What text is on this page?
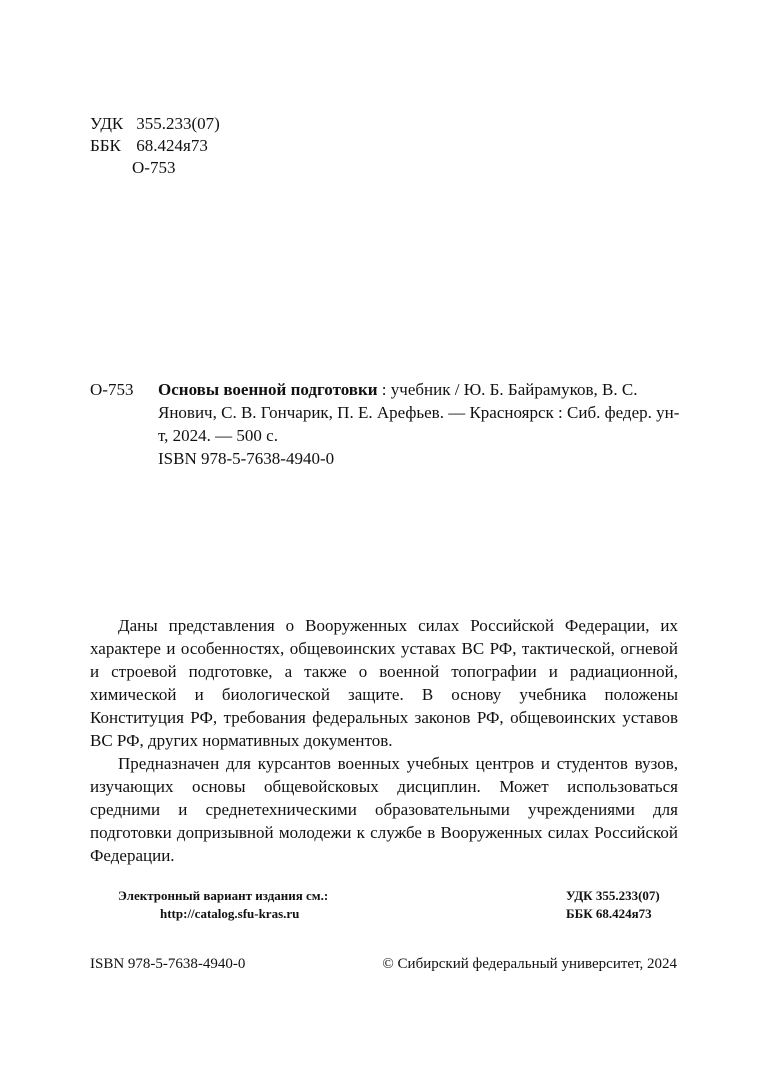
УДК 355.233(07)
ББК 68.424я73
О-753
О-753 Основы военной подготовки : учебник / Ю. Б. Байрамуков, В. С. Янович, С. В. Гончарик, П. Е. Арефьев. — Красноярск : Сиб. федер. ун-т, 2024. — 500 с.
ISBN 978-5-7638-4940-0

Даны представления о Вооруженных силах Российской Федерации, их характере и особенностях, общевоинских уставах ВС РФ, тактической, огневой и строевой подготовке, а также о военной топографии и радиационной, химической и биологической защите. В основу учебника положены Конституция РФ, требования федеральных законов РФ, общевоинских уставов ВС РФ, других нормативных документов.

Предназначен для курсантов военных учебных центров и студентов вузов, изучающих основы общевойсковых дисциплин. Может использоваться средними и среднетехническими образовательными учреждениями для подготовки допризывной молодежи к службе в Вооруженных силах Российской Федерации.

Электронный вариант издания см.:
http://catalog.sfu-kras.ru
УДК 355.233(07)
ББК 68.424я73
ISBN 978-5-7638-4940-0	© Сибирский федеральный университет, 2024
